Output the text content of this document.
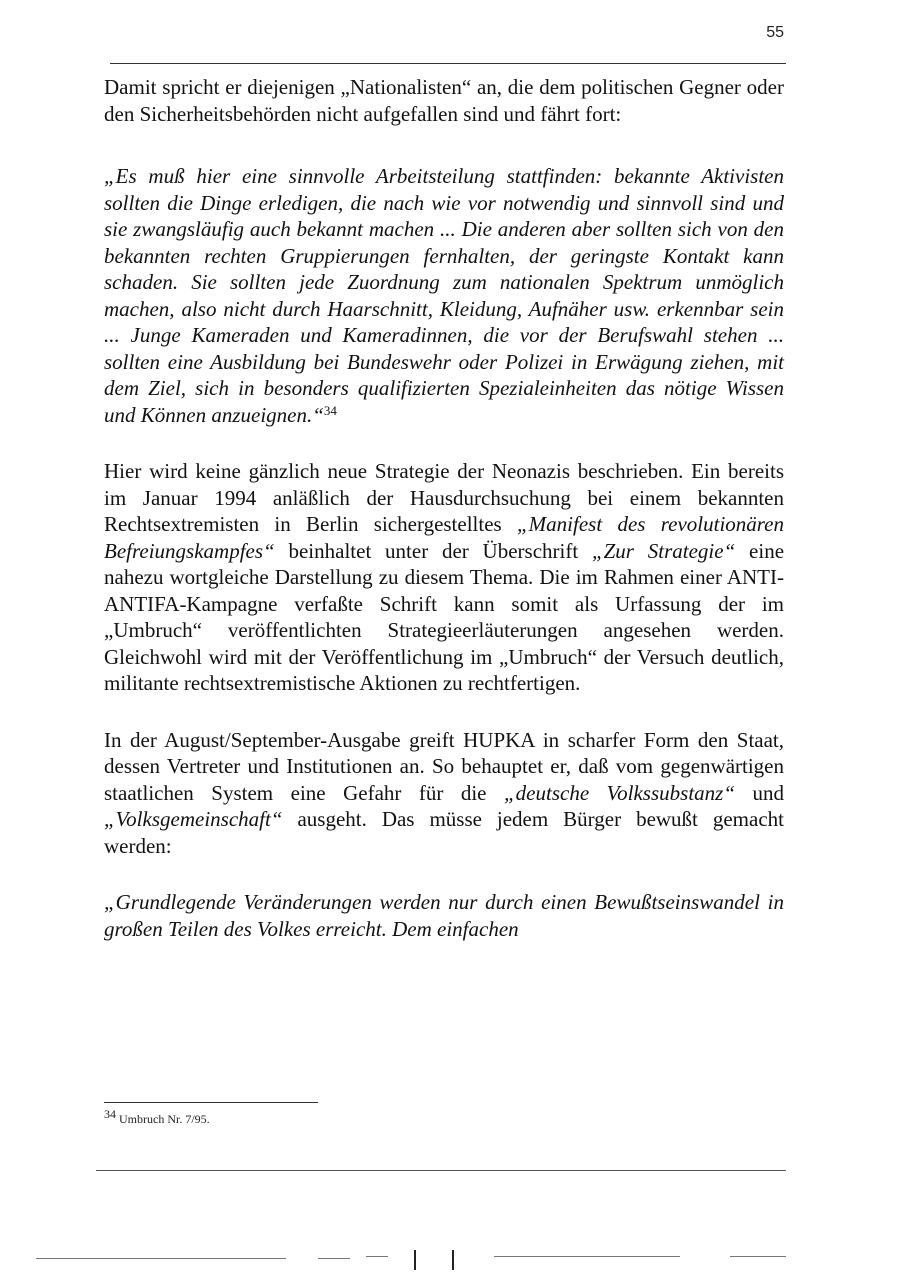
55

Damit spricht er diejenigen „Nationalisten“ an, die dem politischen Gegner oder den Sicherheitsbehörden nicht aufgefallen sind und fährt fort:

„Es muß hier eine sinnvolle Arbeitsteilung stattfinden: bekannte Aktivisten sollten die Dinge erledigen, die nach wie vor notwendig und sinnvoll sind und sie zwangsläufig auch bekannt machen ... Die anderen aber sollten sich von den bekannten rechten Gruppierungen fernhalten, der geringste Kontakt kann schaden. Sie sollten jede Zuordnung zum nationalen Spektrum unmöglich machen, also nicht durch Haarschnitt, Kleidung, Aufnäher usw. erkennbar sein ... Junge Kameraden und Kameradinnen, die vor der Berufswahl stehen ... sollten eine Ausbildung bei Bundeswehr oder Polizei in Erwägung ziehen, mit dem Ziel, sich in besonders qualifizierten Spezialeinheiten das nötige Wissen und Können anzueignen.“$^{34}$

Hier wird keine gänzlich neue Strategie der Neonazis beschrieben. Ein bereits im Januar 1994 anläßlich der Hausdurchsuchung bei einem bekannten Rechtsextremisten in Berlin sichergestelltes „Manifest des revolutionären Befreiungskampfes“ beinhaltet unter der Überschrift „Zur Strategie“ eine nahezu wortgleiche Darstellung zu diesem Thema. Die im Rahmen einer ANTI-ANTIFA-Kampagne verfaßte Schrift kann somit als Urfassung der im „Umbruch“ veröffentlichten Strategieerläuterungen angesehen werden. Gleichwohl wird mit der Veröffentlichung im „Umbruch“ der Versuch deutlich, militante rechtsextremistische Aktionen zu rechtfertigen.

In der August/September-Ausgabe greift HUPKA in scharfer Form den Staat, dessen Vertreter und Institutionen an. So behauptet er, daß vom gegenwärtigen staatlichen System eine Gefahr für die „deutsche Volkssubstanz“ und „Volksgemeinschaft“ ausgeht. Das müsse jedem Bürger bewußt gemacht werden:

„Grundlegende Veränderungen werden nur durch einen Bewußtseinswandel in großen Teilen des Volkes erreicht. Dem einfachen

$^{34}$ Umbruch Nr. 7/95.
